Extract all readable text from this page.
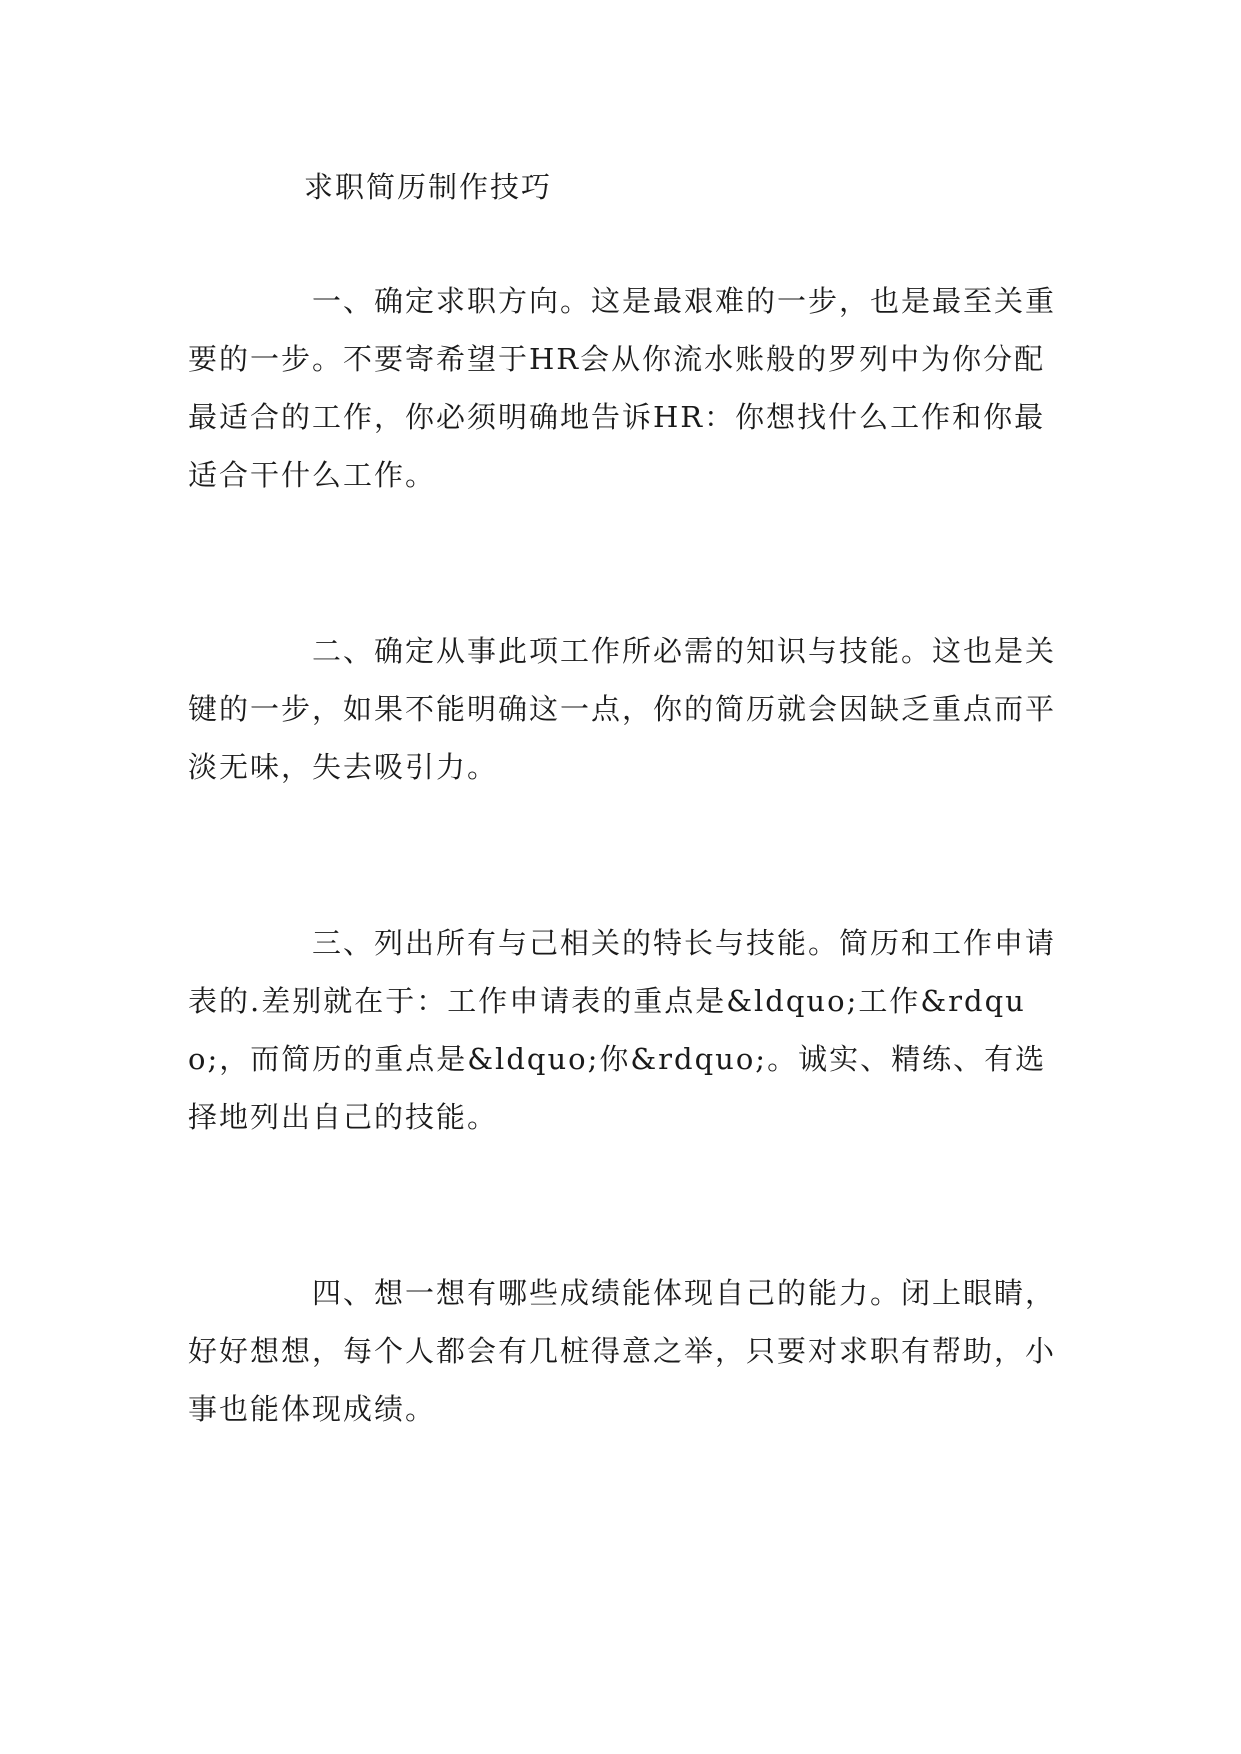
求职简历制作技巧

　　　　一、确定求职方向。这是最艰难的一步，也是最至关重要的一步。不要寄希望于HR会从你流水账般的罗列中为你分配最适合的工作，你必须明确地告诉HR：你想找什么工作和你最适合干什么工作。

　　　　二、确定从事此项工作所必需的知识与技能。这也是关键的一步，如果不能明确这一点，你的简历就会因缺乏重点而平淡无味，失去吸引力。

　　　　三、列出所有与己相关的特长与技能。简历和工作申请表的.差别就在于：工作申请表的重点是&ldquo;工作&rdquo;，而简历的重点是&ldquo;你&rdquo;。诚实、精练、有选择地列出自己的技能。

　　　　四、想一想有哪些成绩能体现自己的能力。闭上眼睛，好好想想，每个人都会有几桩得意之举，只要对求职有帮助，小事也能体现成绩。
